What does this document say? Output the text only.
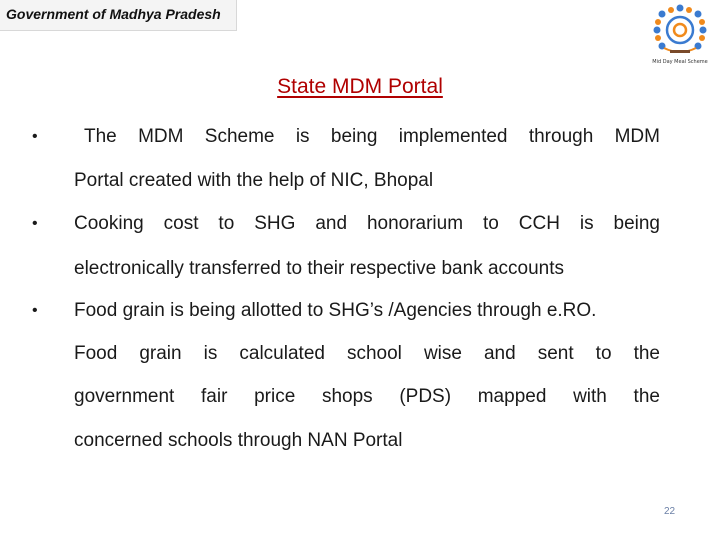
Government of Madhya Pradesh
Mid Day Meal Scheme
State MDM Portal
• The MDM Scheme is being implemented through MDM
Portal created with the help of NIC, Bhopal
• Cooking cost to SHG and honorarium to CCH is being
electronically transferred to their respective bank accounts
• Food grain is being allotted to SHG’s /Agencies through e.RO.
Food grain is calculated school wise and sent to the
government fair price shops (PDS) mapped with the
concerned schools through NAN Portal
22
